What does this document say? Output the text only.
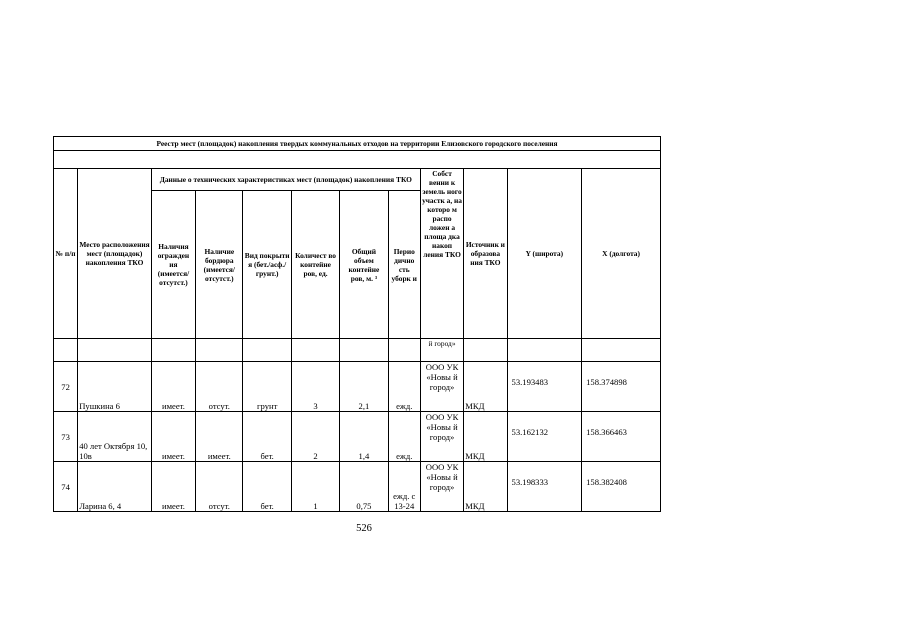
Реестр мест (площадок) накопления твердых коммунальных отходов на территории Елизовского городского поселения											

№ п/п	Место расположения мест (площадок) накопления ТКО	Данные о технических характеристиках мест (площадок) накопления ТКО						Собст венни к земель ного участк а, на которо м распо ложен а площа дка накоп ления ТКО	Источник и образова ния ТКО	Y (широта)	X (долгота)
		Наличия огражден ия (имеется/ отсутст.)	Наличие бордюра (имеется/ отсутст.)	Вид покрыти я (бет./асф./ грунт.)	Количест во контейне ров, ед.	Общий объем контейне ров, м. ³	Перио дично сть уборк и				
								й город»			
72	Пушкина 6	имеет.	отсут.	грунт	3	2,1	ежд.	ООО УК «Новы й город»	МКД	53.193483	158.374898
73	40 лет Октября 10, 10в	имеет.	имеет.	бет.	2	1,4	ежд.	ООО УК «Новы й город»	МКД	53.162132	158.366463
74	Ларина 6, 4	имеет.	отсут.	бет.	1	0,75	ежд. с 13-24	ООО УК «Новы й город»	МКД	53.198333	158.382408
526
